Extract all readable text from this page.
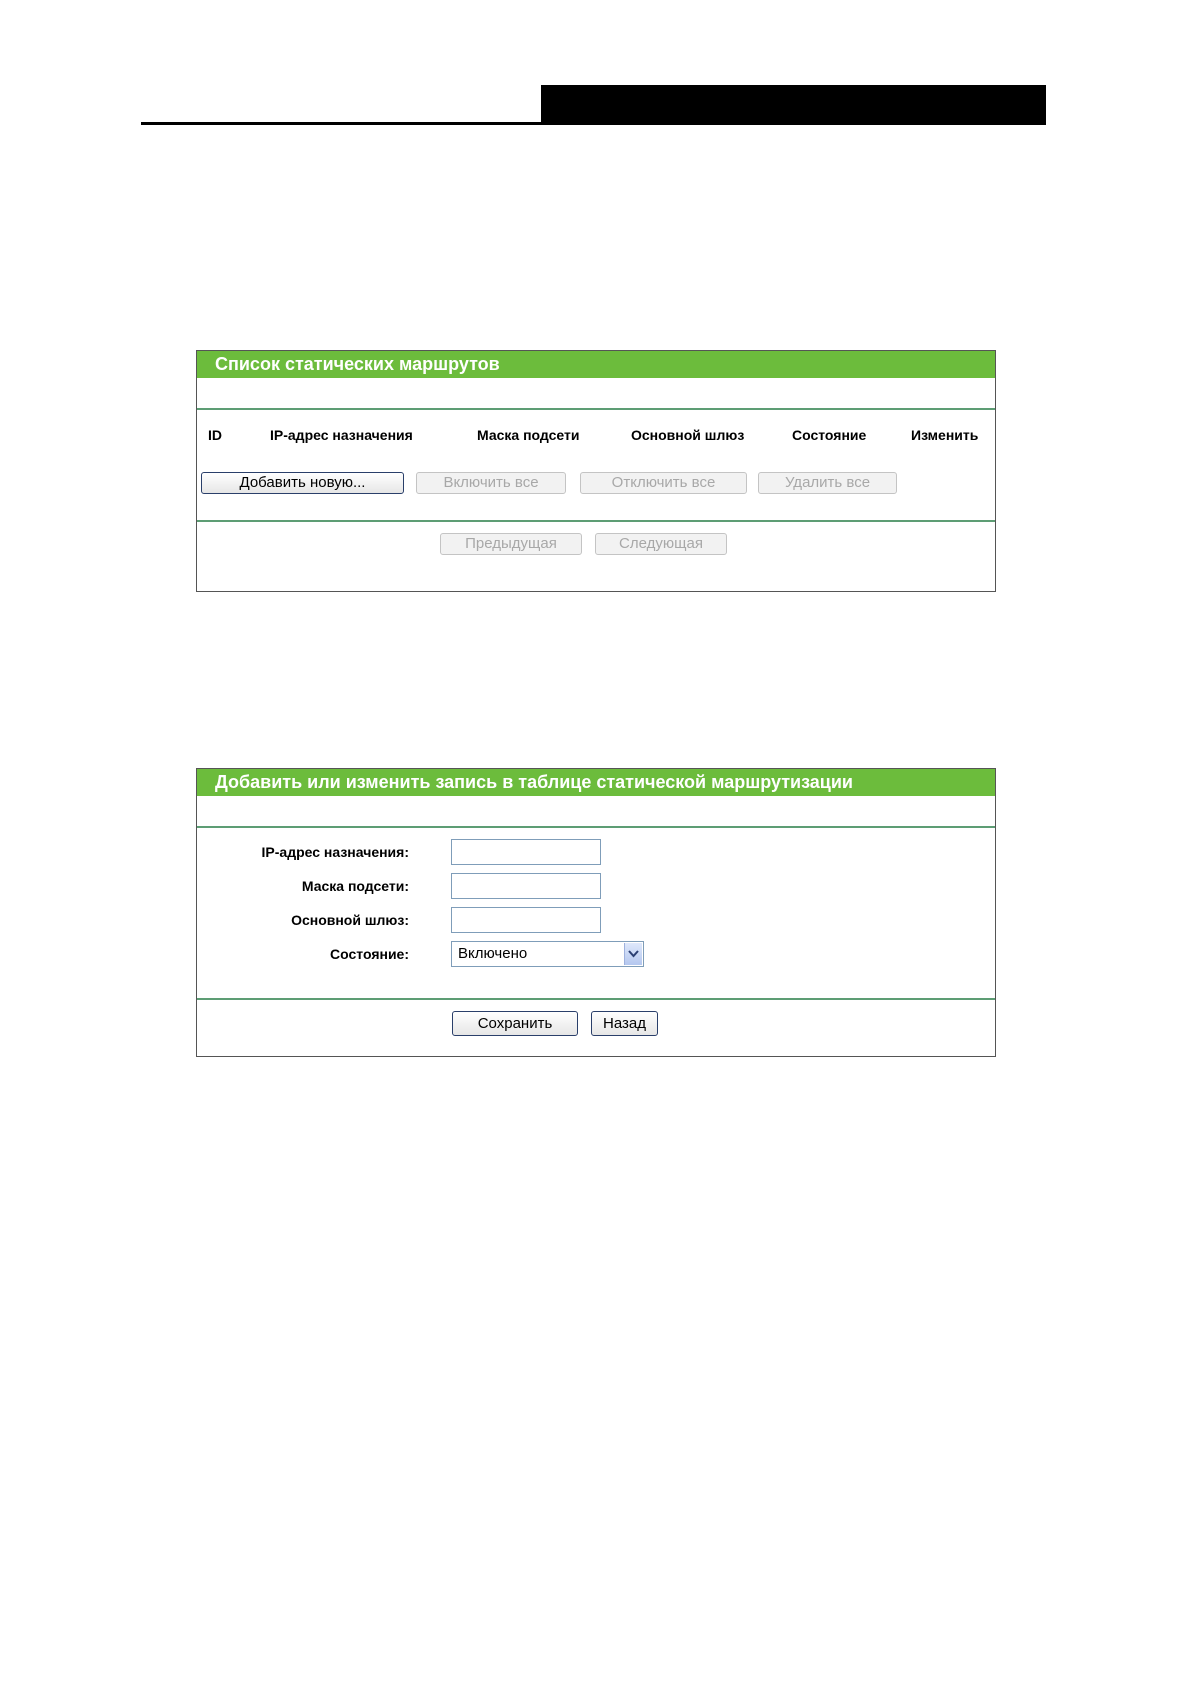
Список статических маршрутов
ID	IP-адрес назначения	Маска подсети	Основной шлюз	Состояние	Изменить
Добавить новую...	Включить все	Отключить все	Удалить все
Предыдущая	Следующая
Добавить или изменить запись в таблице статической маршрутизации
IP-адрес назначения:
Маска подсети:
Основной шлюз:
Состояние:	Включено
Сохранить	Назад
